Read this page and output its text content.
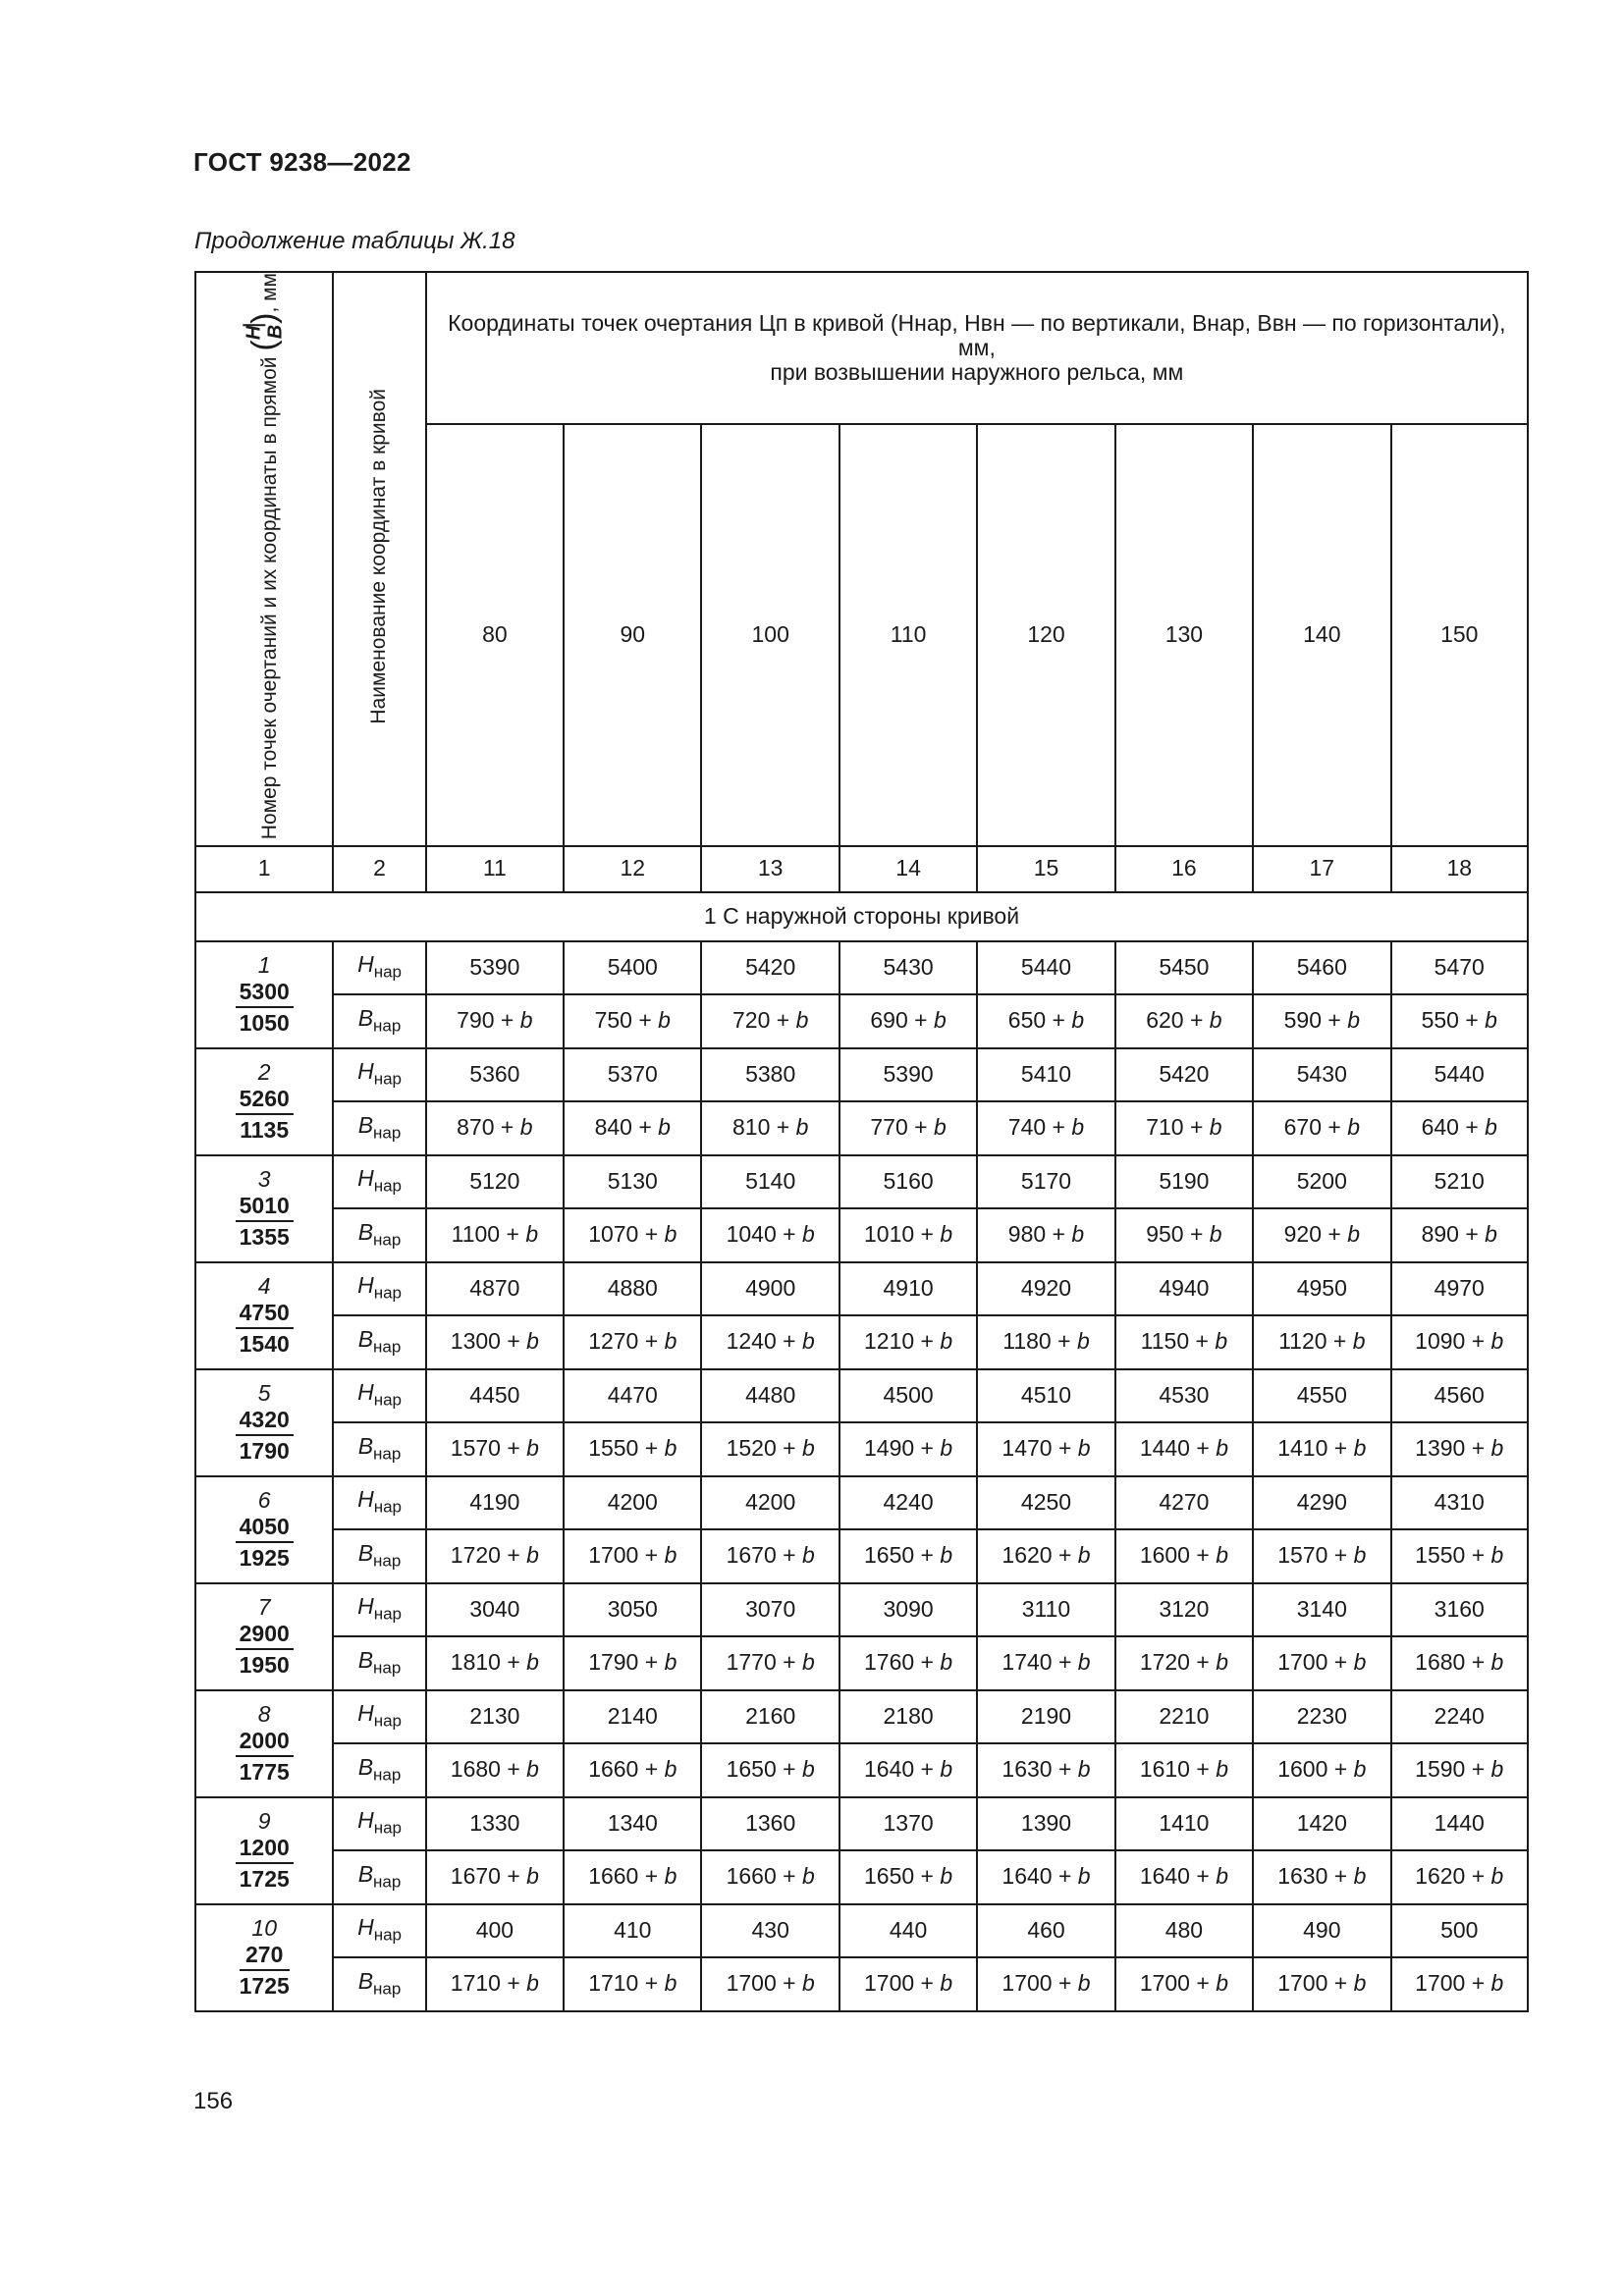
ГОСТ 9238—2022
Продолжение таблицы Ж.18
Номер точек очертаний и их координаты в прямой (
H B
), мм	Наименование координат в кривой	Координаты точек очертания Цп в кривой (Ннар, Hвн — по вертикали, Внар, Ввн — по горизонтали), мм,
при возвышении наружного рельса, мм							
		80	90	100	110	120	130	140	150
1	2	11	12	13	14	15	16	17	18
1 С наружной стороны кривой									

1
$\frac{5300}{1050}$	$H_{нар}$	5390	5400	5420	5430	5440	5450	5460	5470
	$B_{нар}$	790 + b	750 + b	720 + b	690 + b	650 + b	620 + b	590 + b	550 + b

2
$\frac{5260}{1135}$	$H_{нар}$	5360	5370	5380	5390	5410	5420	5430	5440
	$B_{нар}$	870 + b	840 + b	810 + b	770 + b	740 + b	710 + b	670 + b	640 + b

3
$\frac{5010}{1355}$	$H_{нар}$	5120	5130	5140	5160	5170	5190	5200	5210
	$B_{нар}$	1100 + b	1070 + b	1040 + b	1010 + b	980 + b	950 + b	920 + b	890 + b

4
$\frac{4750}{1540}$	$H_{нар}$	4870	4880	4900	4910	4920	4940	4950	4970
	$B_{нар}$	1300 + b	1270 + b	1240 + b	1210 + b	1180 + b	1150 + b	1120 + b	1090 + b

5
$\frac{4320}{1790}$	$H_{нар}$	4450	4470	4480	4500	4510	4530	4550	4560
	$B_{нар}$	1570 + b	1550 + b	1520 + b	1490 + b	1470 + b	1440 + b	1410 + b	1390 + b

6
$\frac{4050}{1925}$	$H_{нар}$	4190	4200	4200	4240	4250	4270	4290	4310
	$B_{нар}$	1720 + b	1700 + b	1670 + b	1650 + b	1620 + b	1600 + b	1570 + b	1550 + b

7
$\frac{2900}{1950}$	$H_{нар}$	3040	3050	3070	3090	3110	3120	3140	3160
	$B_{нар}$	1810 + b	1790 + b	1770 + b	1760 + b	1740 + b	1720 + b	1700 + b	1680 + b

8
$\frac{2000}{1775}$	$H_{нар}$	2130	2140	2160	2180	2190	2210	2230	2240
	$B_{нар}$	1680 + b	1660 + b	1650 + b	1640 + b	1630 + b	1610 + b	1600 + b	1590 + b

9
$\frac{1200}{1725}$	$H_{нар}$	1330	1340	1360	1370	1390	1410	1420	1440
	$B_{нар}$	1670 + b	1660 + b	1660 + b	1650 + b	1640 + b	1640 + b	1630 + b	1620 + b

10
$\frac{270}{1725}$	$H_{нар}$	400	410	430	440	460	480	490	500
	$B_{нар}$	1710 + b	1710 + b	1700 + b	1700 + b	1700 + b	1700 + b	1700 + b	1700 + b
156
